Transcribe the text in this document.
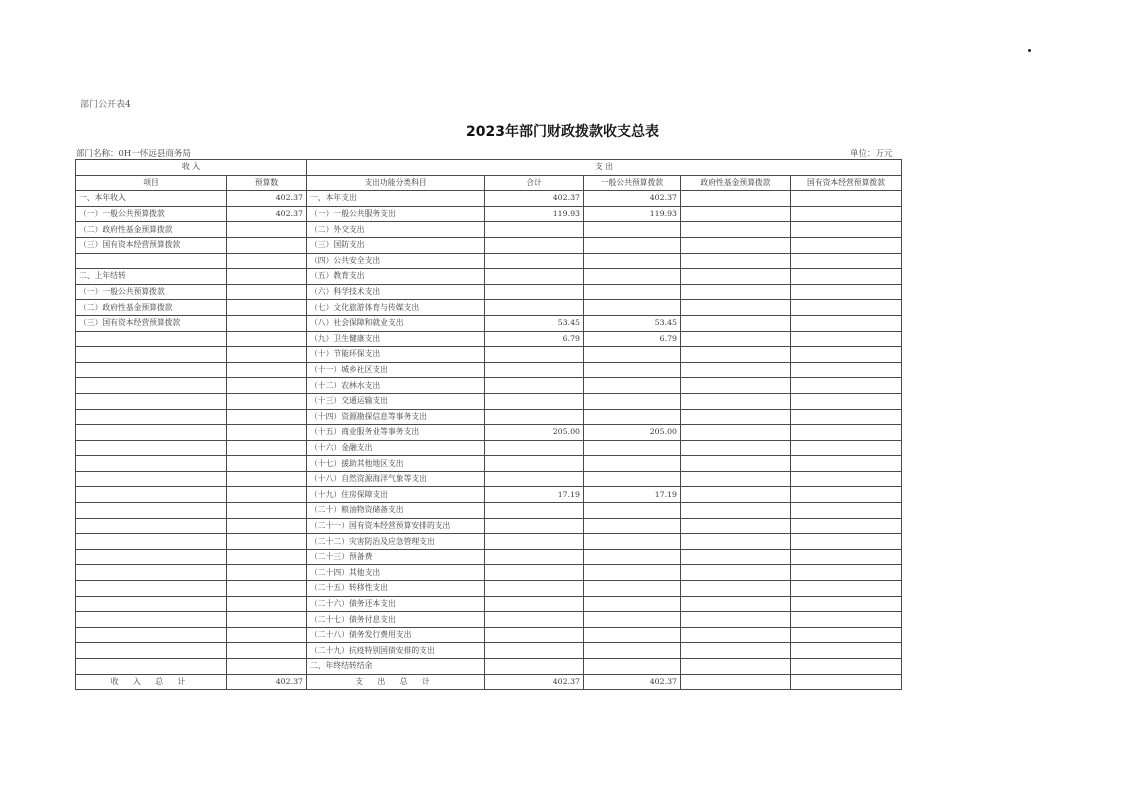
部门公开表4
2023年部门财政拨款收支总表
部门名称：0H一怀远县商务局	单位：万元
收 入		支 出				
项目	预算数	支出功能分类科目	合计	一般公共预算拨款	政府性基金预算拨款	国有资本经营预算拨款
一、本年收入	402.37	一、本年支出	402.37	402.37		
（一）一般公共预算拨款	402.37	（一）一般公共服务支出	119.93	119.93		
（二）政府性基金预算拨款		（二）外交支出				
（三）国有资本经营预算拨款		（三）国防支出				
		（四）公共安全支出				
二、上年结转		（五）教育支出				
（一）一般公共预算拨款		（六）科学技术支出				
（二）政府性基金预算拨款		（七）文化旅游体育与传媒支出				
（三）国有资本经营预算拨款		（八）社会保障和就业支出	53.45	53.45		
		（九）卫生健康支出	6.79	6.79		
		（十）节能环保支出				
		（十一）城乡社区支出				
		（十二）农林水支出				
		（十三）交通运输支出				
		（十四）资源勘探信息等事务支出				
		（十五）商业服务业等事务支出	205.00	205.00		
		（十六）金融支出				
		（十七）援助其他地区支出				
		（十八）自然资源海洋气象等支出				
		（十九）住房保障支出	17.19	17.19		
		（二十）粮油物资储备支出				
		（二十一）国有资本经营预算安排的支出				
		（二十二）灾害防治及应急管理支出				
		（二十三）预备费				
		（二十四）其他支出				
		（二十五）转移性支出				
		（二十六）债务还本支出				
		（二十七）债务付息支出				
		（二十八）债务发行费用支出				
		（二十九）抗疫特别国债安排的支出				
		二、年终结转结余				
收 入 总 计	402.37	支 出 总 计	402.37	402.37		
